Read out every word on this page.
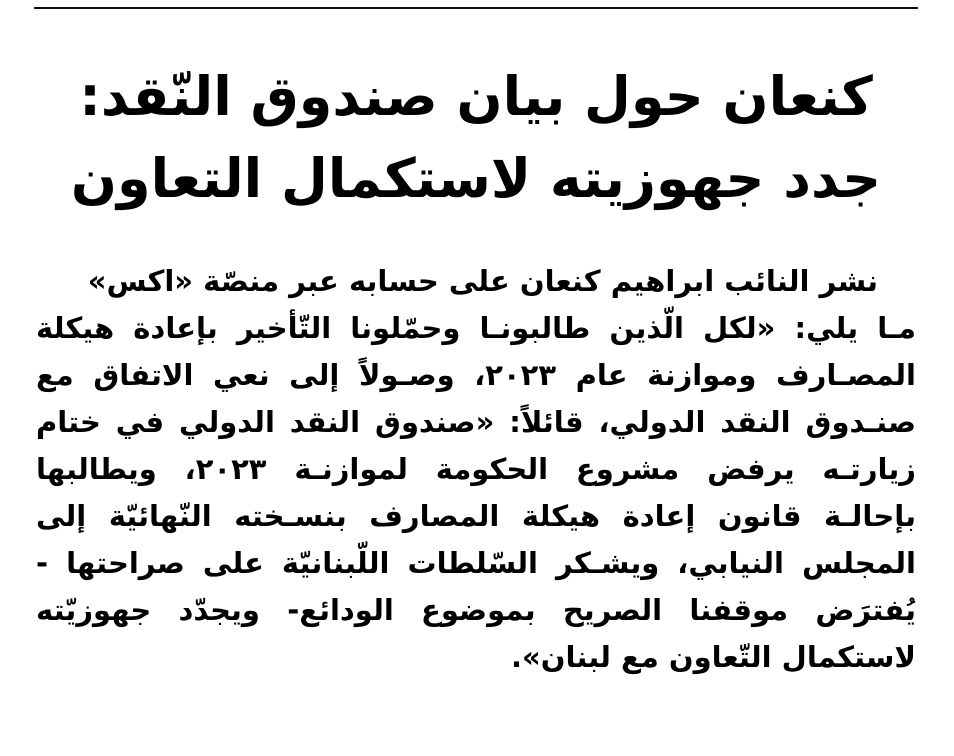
كنعان حول بيان صندوق النّقد:
جدد جهوزيته لاستكمال التعاون
نشر النائب ابراهيم كنعان على حسابه عبر منصّة «اكس»
مـا يلي: «لكل الّذين طالبونـا وحمّلونا التّأخير بإعادة هيكلة
المصـارف وموازنة عام ٢٠٢٣، وصـولاً إلى نعي الاتفاق مع
صنـدوق النقد الدولي، قائلاً: «صندوق النقد الدولي في ختام
زيارتـه يرفض مشروع الحكومة لموازنـة ٢٠٢٣، ويطالبها
بإحالـة قانون إعادة هيكلة المصارف بنسـخته النّهائيّة إلى
المجلس النيابي، ويشـكر السّلطات اللّبنانيّة على صراحتها -
يُفترَض موقفنا الصريح بموضوع الودائع- ويجدّد جهوزيّته
لاستكمال التّعاون مع لبنان».
